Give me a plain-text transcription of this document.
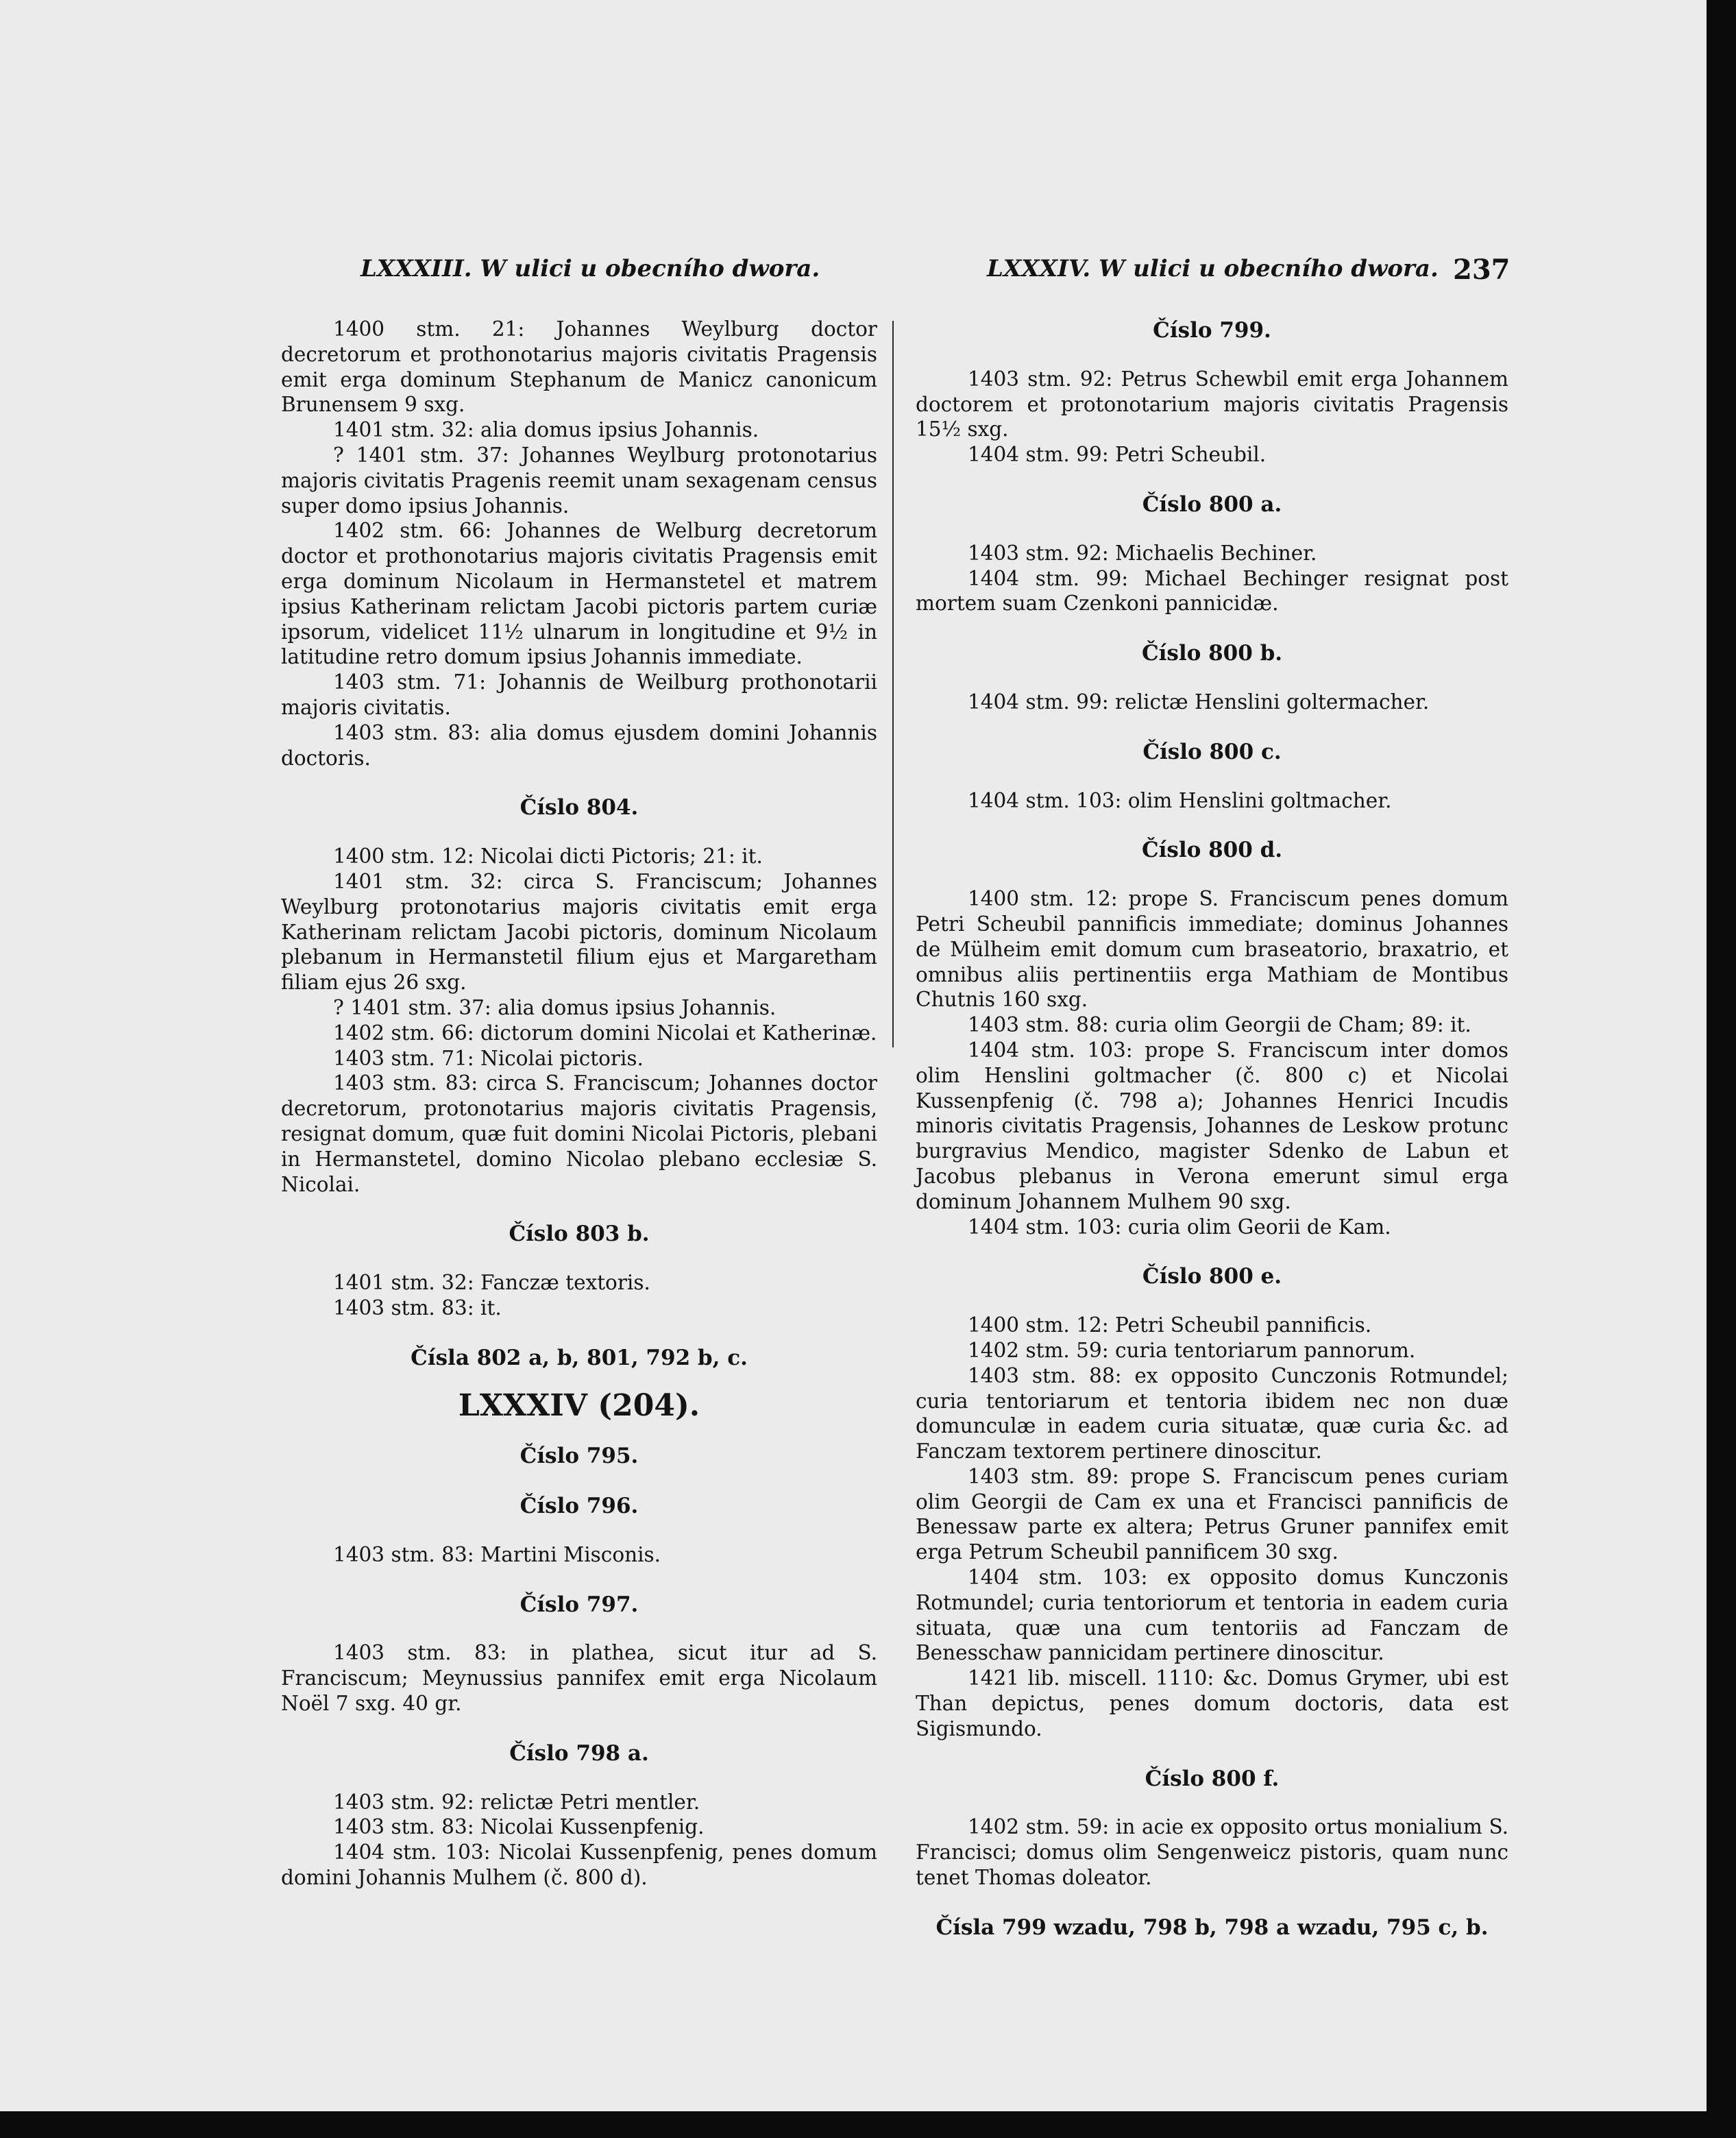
LXXXIII. W ulici u obecního dwora.	LXXXIV. W ulici u obecního dwora. 237

1400 stm. 21: Johannes Weylburg doctor decretorum et prothonotarius majoris civitatis Pragensis emit erga dominum Stephanum de Manicz canonicum Brunensem 9 sxg.

1401 stm. 32: alia domus ipsius Johannis.

? 1401 stm. 37: Johannes Weylburg protonotarius majoris civitatis Pragenis reemit unam sexagenam census super domo ipsius Johannis.

1402 stm. 66: Johannes de Welburg decretorum doctor et prothonotarius majoris civitatis Pragensis emit erga dominum Nicolaum in Hermanstetel et matrem ipsius Katherinam relictam Jacobi pictoris partem curiæ ipsorum, videlicet 11½ ulnarum in longitudine et 9½ in latitudine retro domum ipsius Johannis immediate.

1403 stm. 71: Johannis de Weilburg prothonotarii majoris civitatis.

1403 stm. 83: alia domus ejusdem domini Johannis doctoris.

Číslo 804.

1400 stm. 12: Nicolai dicti Pictoris; 21: it.

1401 stm. 32: circa S. Franciscum; Johannes Weylburg protonotarius majoris civitatis emit erga Katherinam relictam Jacobi pictoris, dominum Nicolaum plebanum in Hermanstetil filium ejus et Margaretham filiam ejus 26 sxg.

? 1401 stm. 37: alia domus ipsius Johannis.

1402 stm. 66: dictorum domini Nicolai et Katherinæ.

1403 stm. 71: Nicolai pictoris.

1403 stm. 83: circa S. Franciscum; Johannes doctor decretorum, protonotarius majoris civitatis Pragensis, resignat domum, quæ fuit domini Nicolai Pictoris, plebani in Hermanstetel, domino Nicolao plebano ecclesiæ S. Nicolai.

Číslo 803 b.

1401 stm. 32: Fanczæ textoris.

1403 stm. 83: it.

Čísla 802 a, b, 801, 792 b, c.
LXXXIV (204).
Číslo 795.
Číslo 796.

1403 stm. 83: Martini Misconis.

Číslo 797.

1403 stm. 83: in plathea, sicut itur ad S. Franciscum; Meynussius pannifex emit erga Nicolaum Noël 7 sxg. 40 gr.

Číslo 798 a.

1403 stm. 92: relictæ Petri mentler.

1403 stm. 83: Nicolai Kussenpfenig.

1404 stm. 103: Nicolai Kussenpfenig, penes domum domini Johannis Mulhem (č. 800 d).

Číslo 799.

1403 stm. 92: Petrus Schewbil emit erga Johannem doctorem et protonotarium majoris civitatis Pragensis 15½ sxg.

1404 stm. 99: Petri Scheubil.

Číslo 800 a.

1403 stm. 92: Michaelis Bechiner.

1404 stm. 99: Michael Bechinger resignat post mortem suam Czenkoni pannicidæ.

Číslo 800 b.

1404 stm. 99: relictæ Henslini goltermacher.

Číslo 800 c.

1404 stm. 103: olim Henslini goltmacher.

Číslo 800 d.

1400 stm. 12: prope S. Franciscum penes domum Petri Scheubil pannificis immediate; dominus Johannes de Mülheim emit domum cum braseatorio, braxatrio, et omnibus aliis pertinentiis erga Mathiam de Montibus Chutnis 160 sxg.

1403 stm. 88: curia olim Georgii de Cham; 89: it.

1404 stm. 103: prope S. Franciscum inter domos olim Henslini goltmacher (č. 800 c) et Nicolai Kussenpfenig (č. 798 a); Johannes Henrici Incudis minoris civitatis Pragensis, Johannes de Leskow protunc burgravius Mendico, magister Sdenko de Labun et Jacobus plebanus in Verona emerunt simul erga dominum Johannem Mulhem 90 sxg.

1404 stm. 103: curia olim Georii de Kam.

Číslo 800 e.

1400 stm. 12: Petri Scheubil pannificis.

1402 stm. 59: curia tentoriarum pannorum.

1403 stm. 88: ex opposito Cunczonis Rotmundel; curia tentoriarum et tentoria ibidem nec non duæ domunculæ in eadem curia situatæ, quæ curia &c. ad Fanczam textorem pertinere dinoscitur.

1403 stm. 89: prope S. Franciscum penes curiam olim Georgii de Cam ex una et Francisci pannificis de Benessaw parte ex altera; Petrus Gruner pannifex emit erga Petrum Scheubil pannificem 30 sxg.

1404 stm. 103: ex opposito domus Kunczonis Rotmundel; curia tentoriorum et tentoria in eadem curia situata, quæ una cum tentoriis ad Fanczam de Benesschaw pannicidam pertinere dinoscitur.

1421 lib. miscell. 1110: &c. Domus Grymer, ubi est Than depictus, penes domum doctoris, data est Sigismundo.

Číslo 800 f.

1402 stm. 59: in acie ex opposito ortus monialium S. Francisci; domus olim Sengenweicz pistoris, quam nunc tenet Thomas doleator.

Čísla 799 wzadu, 798 b, 798 a wzadu, 795 c, b.
